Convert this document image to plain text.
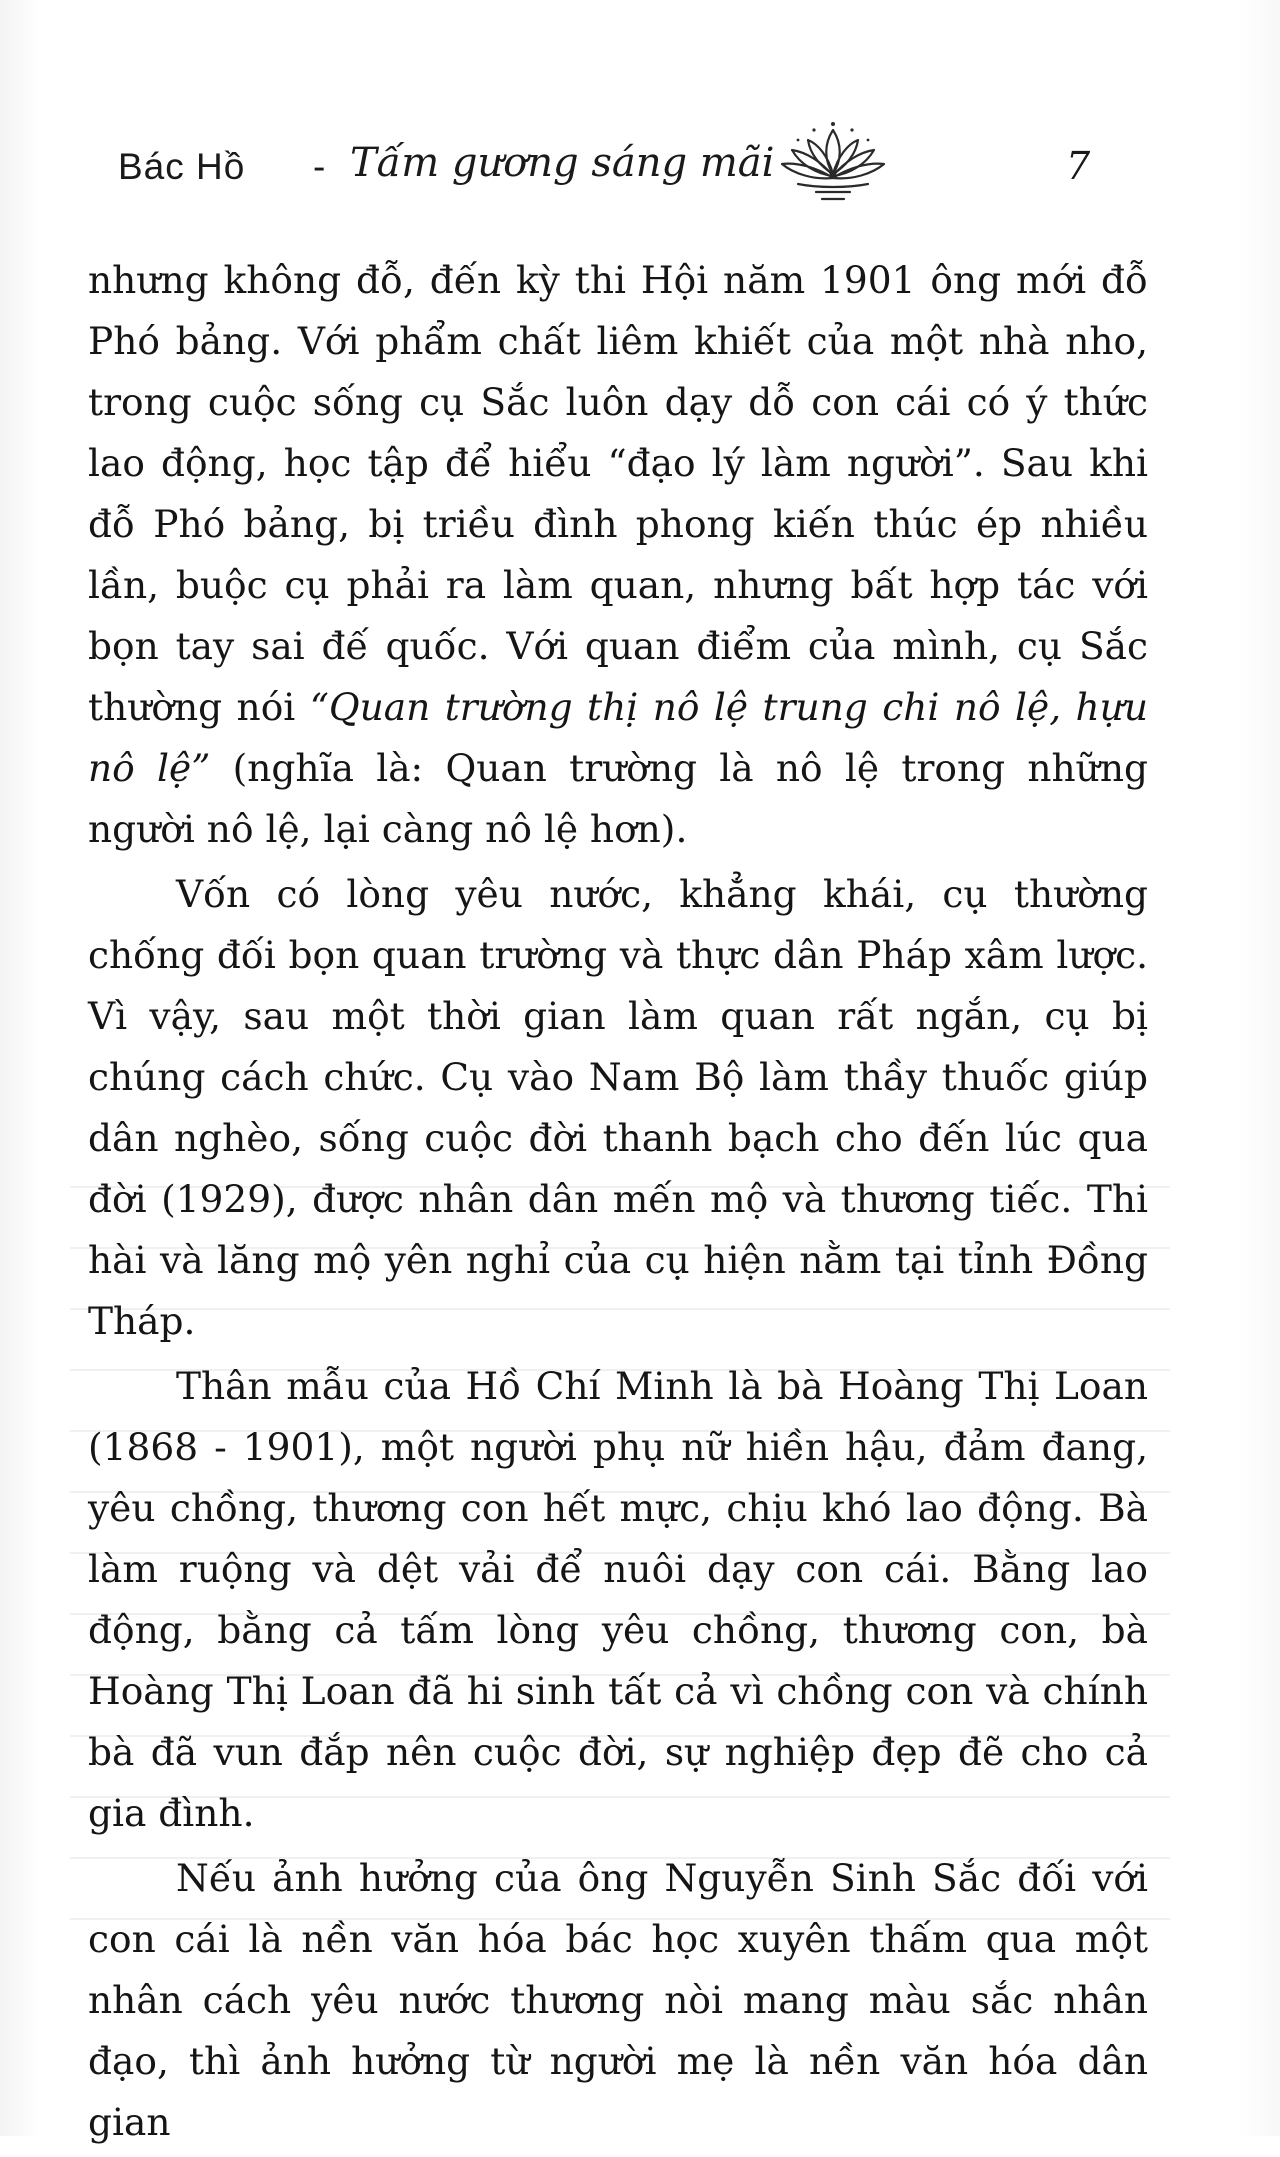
Bác Hồ - Tấm gương sáng mãi	7

nhưng không đỗ, đến kỳ thi Hội năm 1901 ông mới đỗ Phó bảng. Với phẩm chất liêm khiết của một nhà nho, trong cuộc sống cụ Sắc luôn dạy dỗ con cái có ý thức lao động, học tập để hiểu “đạo lý làm người”. Sau khi đỗ Phó bảng, bị triều đình phong kiến thúc ép nhiều lần, buộc cụ phải ra làm quan, nhưng bất hợp tác với bọn tay sai đế quốc. Với quan điểm của mình, cụ Sắc thường nói “Quan trường thị nô lệ trung chi nô lệ, hựu nô lệ” (nghĩa là: Quan trường là nô lệ trong những người nô lệ, lại càng nô lệ hơn).

Vốn có lòng yêu nước, khẳng khái, cụ thường chống đối bọn quan trường và thực dân Pháp xâm lược. Vì vậy, sau một thời gian làm quan rất ngắn, cụ bị chúng cách chức. Cụ vào Nam Bộ làm thầy thuốc giúp dân nghèo, sống cuộc đời thanh bạch cho đến lúc qua đời (1929), được nhân dân mến mộ và thương tiếc. Thi hài và lăng mộ yên nghỉ của cụ hiện nằm tại tỉnh Đồng Tháp.

Thân mẫu của Hồ Chí Minh là bà Hoàng Thị Loan (1868 - 1901), một người phụ nữ hiền hậu, đảm đang, yêu chồng, thương con hết mực, chịu khó lao động. Bà làm ruộng và dệt vải để nuôi dạy con cái. Bằng lao động, bằng cả tấm lòng yêu chồng, thương con, bà Hoàng Thị Loan đã hi sinh tất cả vì chồng con và chính bà đã vun đắp nên cuộc đời, sự nghiệp đẹp đẽ cho cả gia đình.

Nếu ảnh hưởng của ông Nguyễn Sinh Sắc đối với con cái là nền văn hóa bác học xuyên thấm qua một nhân cách yêu nước thương nòi mang màu sắc nhân đạo, thì ảnh hưởng từ người mẹ là nền văn hóa dân gian
